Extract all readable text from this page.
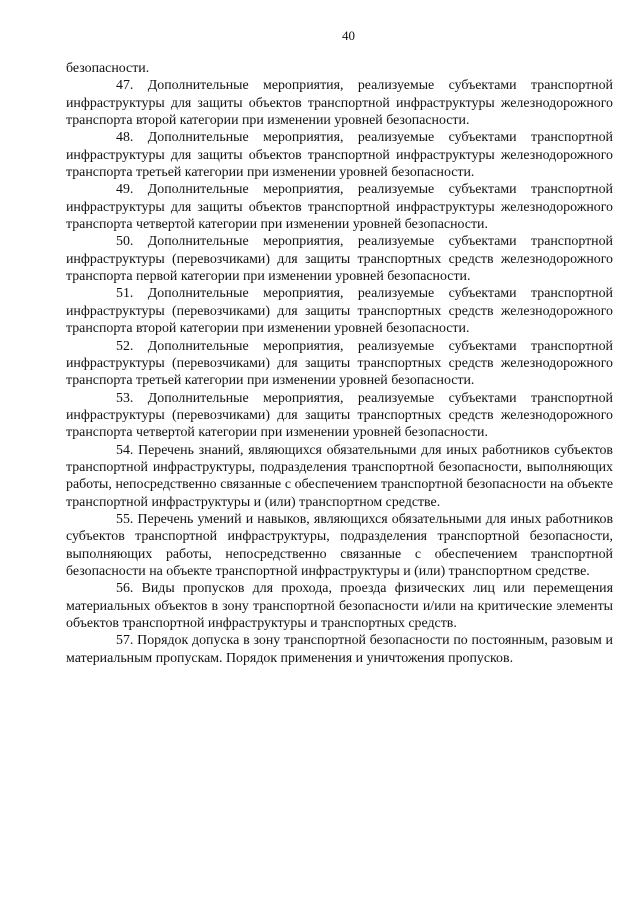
40

безопасности.

47. Дополнительные мероприятия, реализуемые субъектами транспортной инфраструктуры для защиты объектов транспортной инфраструктуры железнодорожного транспорта второй категории при изменении уровней безопасности.

48. Дополнительные мероприятия, реализуемые субъектами транспортной инфраструктуры для защиты объектов транспортной инфраструктуры железнодорожного транспорта третьей категории при изменении уровней безопасности.

49. Дополнительные мероприятия, реализуемые субъектами транспортной инфраструктуры для защиты объектов транспортной инфраструктуры железнодорожного транспорта четвертой категории при изменении уровней безопасности.

50. Дополнительные мероприятия, реализуемые субъектами транспортной инфраструктуры (перевозчиками) для защиты транспортных средств железнодорожного транспорта первой категории при изменении уровней безопасности.

51. Дополнительные мероприятия, реализуемые субъектами транспортной инфраструктуры (перевозчиками) для защиты транспортных средств железнодорожного транспорта второй категории при изменении уровней безопасности.

52. Дополнительные мероприятия, реализуемые субъектами транспортной инфраструктуры (перевозчиками) для защиты транспортных средств железнодорожного транспорта третьей категории при изменении уровней безопасности.

53. Дополнительные мероприятия, реализуемые субъектами транспортной инфраструктуры (перевозчиками) для защиты транспортных средств железнодорожного транспорта четвертой категории при изменении уровней безопасности.

54. Перечень знаний, являющихся обязательными для иных работников субъектов транспортной инфраструктуры, подразделения транспортной безопасности, выполняющих работы, непосредственно связанные с обеспечением транспортной безопасности на объекте транспортной инфраструктуры и (или) транспортном средстве.

55. Перечень умений и навыков, являющихся обязательными для иных работников субъектов транспортной инфраструктуры, подразделения транспортной безопасности, выполняющих работы, непосредственно связанные с обеспечением транспортной безопасности на объекте транспортной инфраструктуры и (или) транспортном средстве.

56. Виды пропусков для прохода, проезда физических лиц или перемещения материальных объектов в зону транспортной безопасности и/или на критические элементы объектов транспортной инфраструктуры и транспортных средств.

57. Порядок допуска в зону транспортной безопасности по постоянным, разовым и материальным пропускам. Порядок применения и уничтожения пропусков.
